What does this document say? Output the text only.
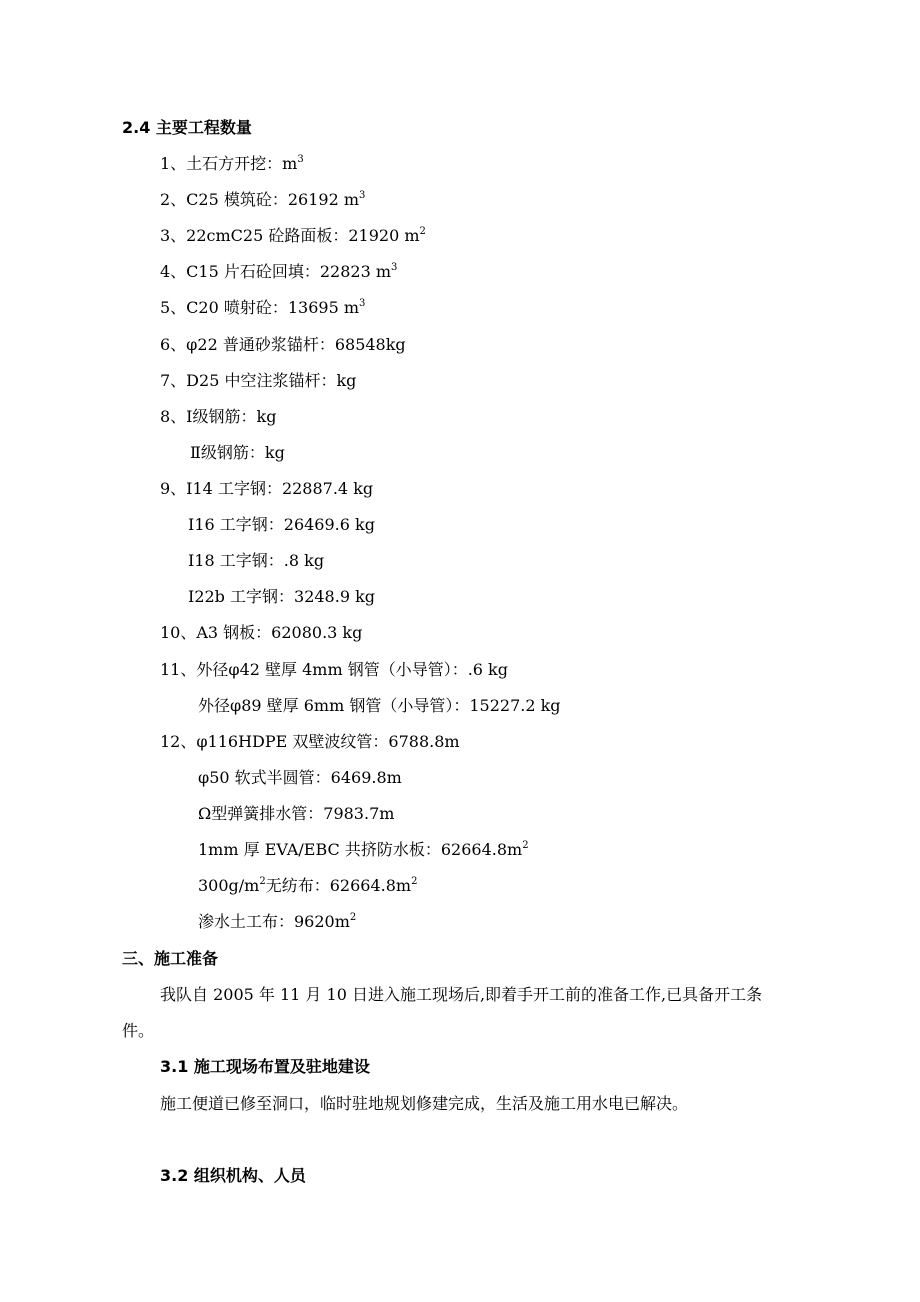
2.4 主要工程数量
1、土石方开挖：$m^3$
2、C25 模筑砼：26192 $m^3$
3、22cmC25 砼路面板：21920 $m^2$
4、C15 片石砼回填：22823 $m^3$
5、C20 喷射砼：13695 $m^3$
6、φ22 普通砂浆锚杆：68548kg
7、D25 中空注浆锚杆：kg
8、Ⅰ级钢筋：kg
Ⅱ级钢筋：kg
9、I14 工字钢：22887.4 kg
I16 工字钢：26469.6 kg
I18 工字钢：.8 kg
I22b 工字钢：3248.9 kg
10、A3 钢板：62080.3 kg
11、外径φ42 壁厚 4mm 钢管（小导管）：.6 kg
外径φ89 壁厚 6mm 钢管（小导管）：15227.2 kg
12、φ116HDPE 双壁波纹管：6788.8m
φ50 软式半圆管：6469.8m
Ω型弹簧排水管：7983.7m
1mm 厚 EVA/EBC 共挤防水板：$62664.8m^2$
$300g/m^2$无纺布：$62664.8m^2$
渗水土工布：$9620m^2$
三、施工准备
我队自 2005 年 11 月 10 日进入施工现场后,即着手开工前的准备工作,已具备开工条
件。
3.1 施工现场布置及驻地建设
施工便道已修至洞口，临时驻地规划修建完成，生活及施工用水电已解决。
3.2 组织机构、人员
